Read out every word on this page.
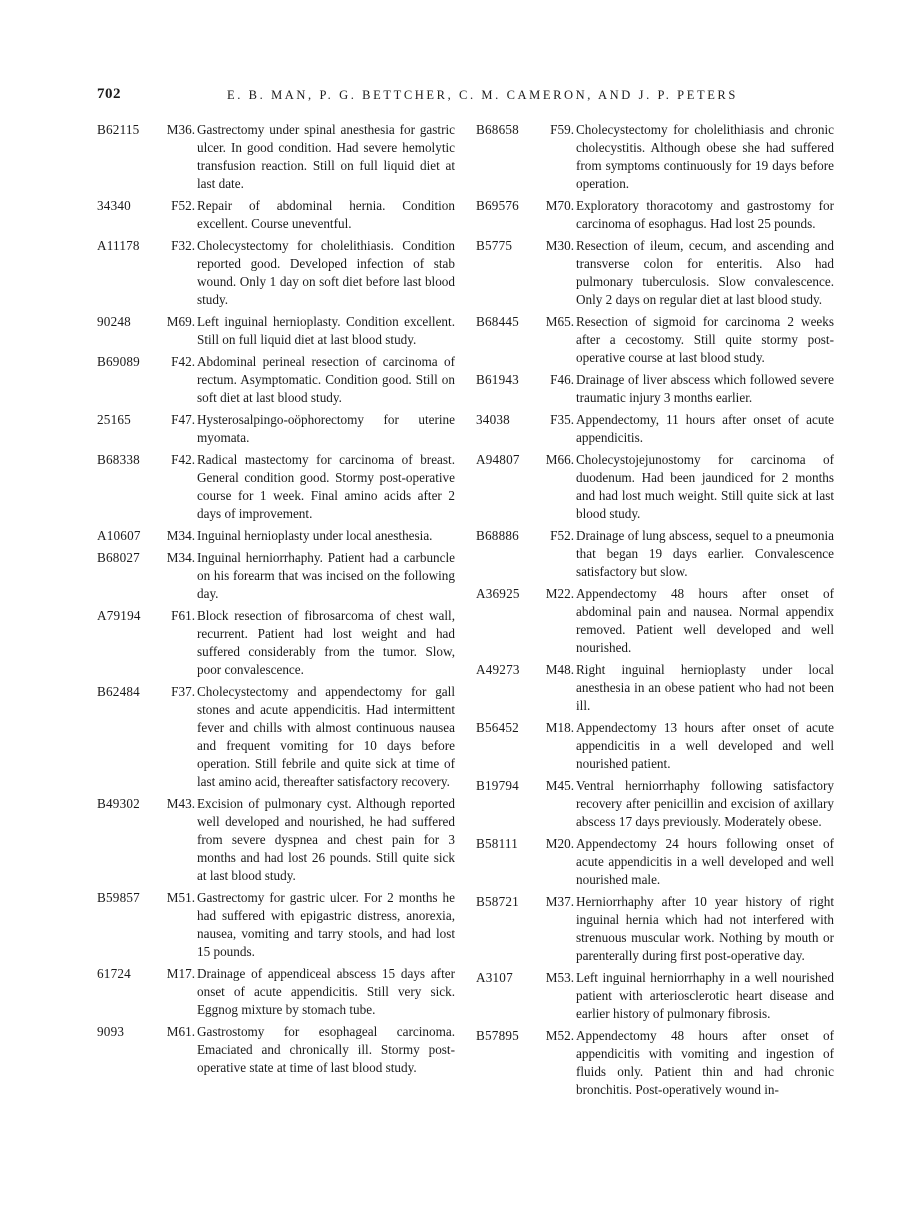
702	E. B. MAN, P. G. BETTCHER, C. M. CAMERON, AND J. P. PETERS
B62115	M36. Gastrectomy under spinal anesthesia for gastric ulcer. In good condition. Had severe hemolytic transfusion reaction. Still on full liquid diet at last date.
34340	F52. Repair of abdominal hernia. Condition excellent. Course uneventful.
A11178	F32. Cholecystectomy for cholelithiasis. Condition reported good. Developed infection of stab wound. Only 1 day on soft diet before last blood study.
90248	M69. Left inguinal hernioplasty. Condition excellent. Still on full liquid diet at last blood study.
B69089	F42. Abdominal perineal resection of carcinoma of rectum. Asymptomatic. Condition good. Still on soft diet at last blood study.
25165	F47. Hysterosalpingo-oöphorectomy for uterine myomata.
B68338	F42. Radical mastectomy for carcinoma of breast. General condition good. Stormy post-operative course for 1 week. Final amino acids after 2 days of improvement.
A10607	M34. Inguinal hernioplasty under local anesthesia.
B68027	M34. Inguinal herniorrhaphy. Patient had a carbuncle on his forearm that was incised on the following day.
A79194	F61. Block resection of fibrosarcoma of chest wall, recurrent. Patient had lost weight and had suffered considerably from the tumor. Slow, poor convalescence.
B62484	F37. Cholecystectomy and appendectomy for gall stones and acute appendicitis. Had intermittent fever and chills with almost continuous nausea and frequent vomiting for 10 days before operation. Still febrile and quite sick at time of last amino acid, thereafter satisfactory recovery.
B49302	M43. Excision of pulmonary cyst. Although reported well developed and nourished, he had suffered from severe dyspnea and chest pain for 3 months and had lost 26 pounds. Still quite sick at last blood study.
B59857	M51. Gastrectomy for gastric ulcer. For 2 months he had suffered with epigastric distress, anorexia, nausea, vomiting and tarry stools, and had lost 15 pounds.
61724	M17. Drainage of appendiceal abscess 15 days after onset of acute appendicitis. Still very sick. Eggnog mixture by stomach tube.
9093	M61. Gastrostomy for esophageal carcinoma. Emaciated and chronically ill. Stormy post-operative state at time of last blood study.
B68658	F59. Cholecystectomy for cholelithiasis and chronic cholecystitis. Although obese she had suffered from symptoms continuously for 19 days before operation.
B69576	M70. Exploratory thoracotomy and gastrostomy for carcinoma of esophagus. Had lost 25 pounds.
B5775	M30. Resection of ileum, cecum, and ascending and transverse colon for enteritis. Also had pulmonary tuberculosis. Slow convalescence. Only 2 days on regular diet at last blood study.
B68445	M65. Resection of sigmoid for carcinoma 2 weeks after a cecostomy. Still quite stormy post-operative course at last blood study.
B61943	F46. Drainage of liver abscess which followed severe traumatic injury 3 months earlier.
34038	F35. Appendectomy, 11 hours after onset of acute appendicitis.
A94807	M66. Cholecystojejunostomy for carcinoma of duodenum. Had been jaundiced for 2 months and had lost much weight. Still quite sick at last blood study.
B68886	F52. Drainage of lung abscess, sequel to a pneumonia that began 19 days earlier. Convalescence satisfactory but slow.
A36925	M22. Appendectomy 48 hours after onset of abdominal pain and nausea. Normal appendix removed. Patient well developed and well nourished.
A49273	M48. Right inguinal hernioplasty under local anesthesia in an obese patient who had not been ill.
B56452	M18. Appendectomy 13 hours after onset of acute appendicitis in a well developed and well nourished patient.
B19794	M45. Ventral herniorrhaphy following satisfactory recovery after penicillin and excision of axillary abscess 17 days previously. Moderately obese.
B58111	M20. Appendectomy 24 hours following onset of acute appendicitis in a well developed and well nourished male.
B58721	M37. Herniorrhaphy after 10 year history of right inguinal hernia which had not interfered with strenuous muscular work. Nothing by mouth or parenterally during first post-operative day.
A3107	M53. Left inguinal herniorrhaphy in a well nourished patient with arteriosclerotic heart disease and earlier history of pulmonary fibrosis.
B57895	M52. Appendectomy 48 hours after onset of appendicitis with vomiting and ingestion of fluids only. Patient thin and had chronic bronchitis. Post-operatively wound in-
